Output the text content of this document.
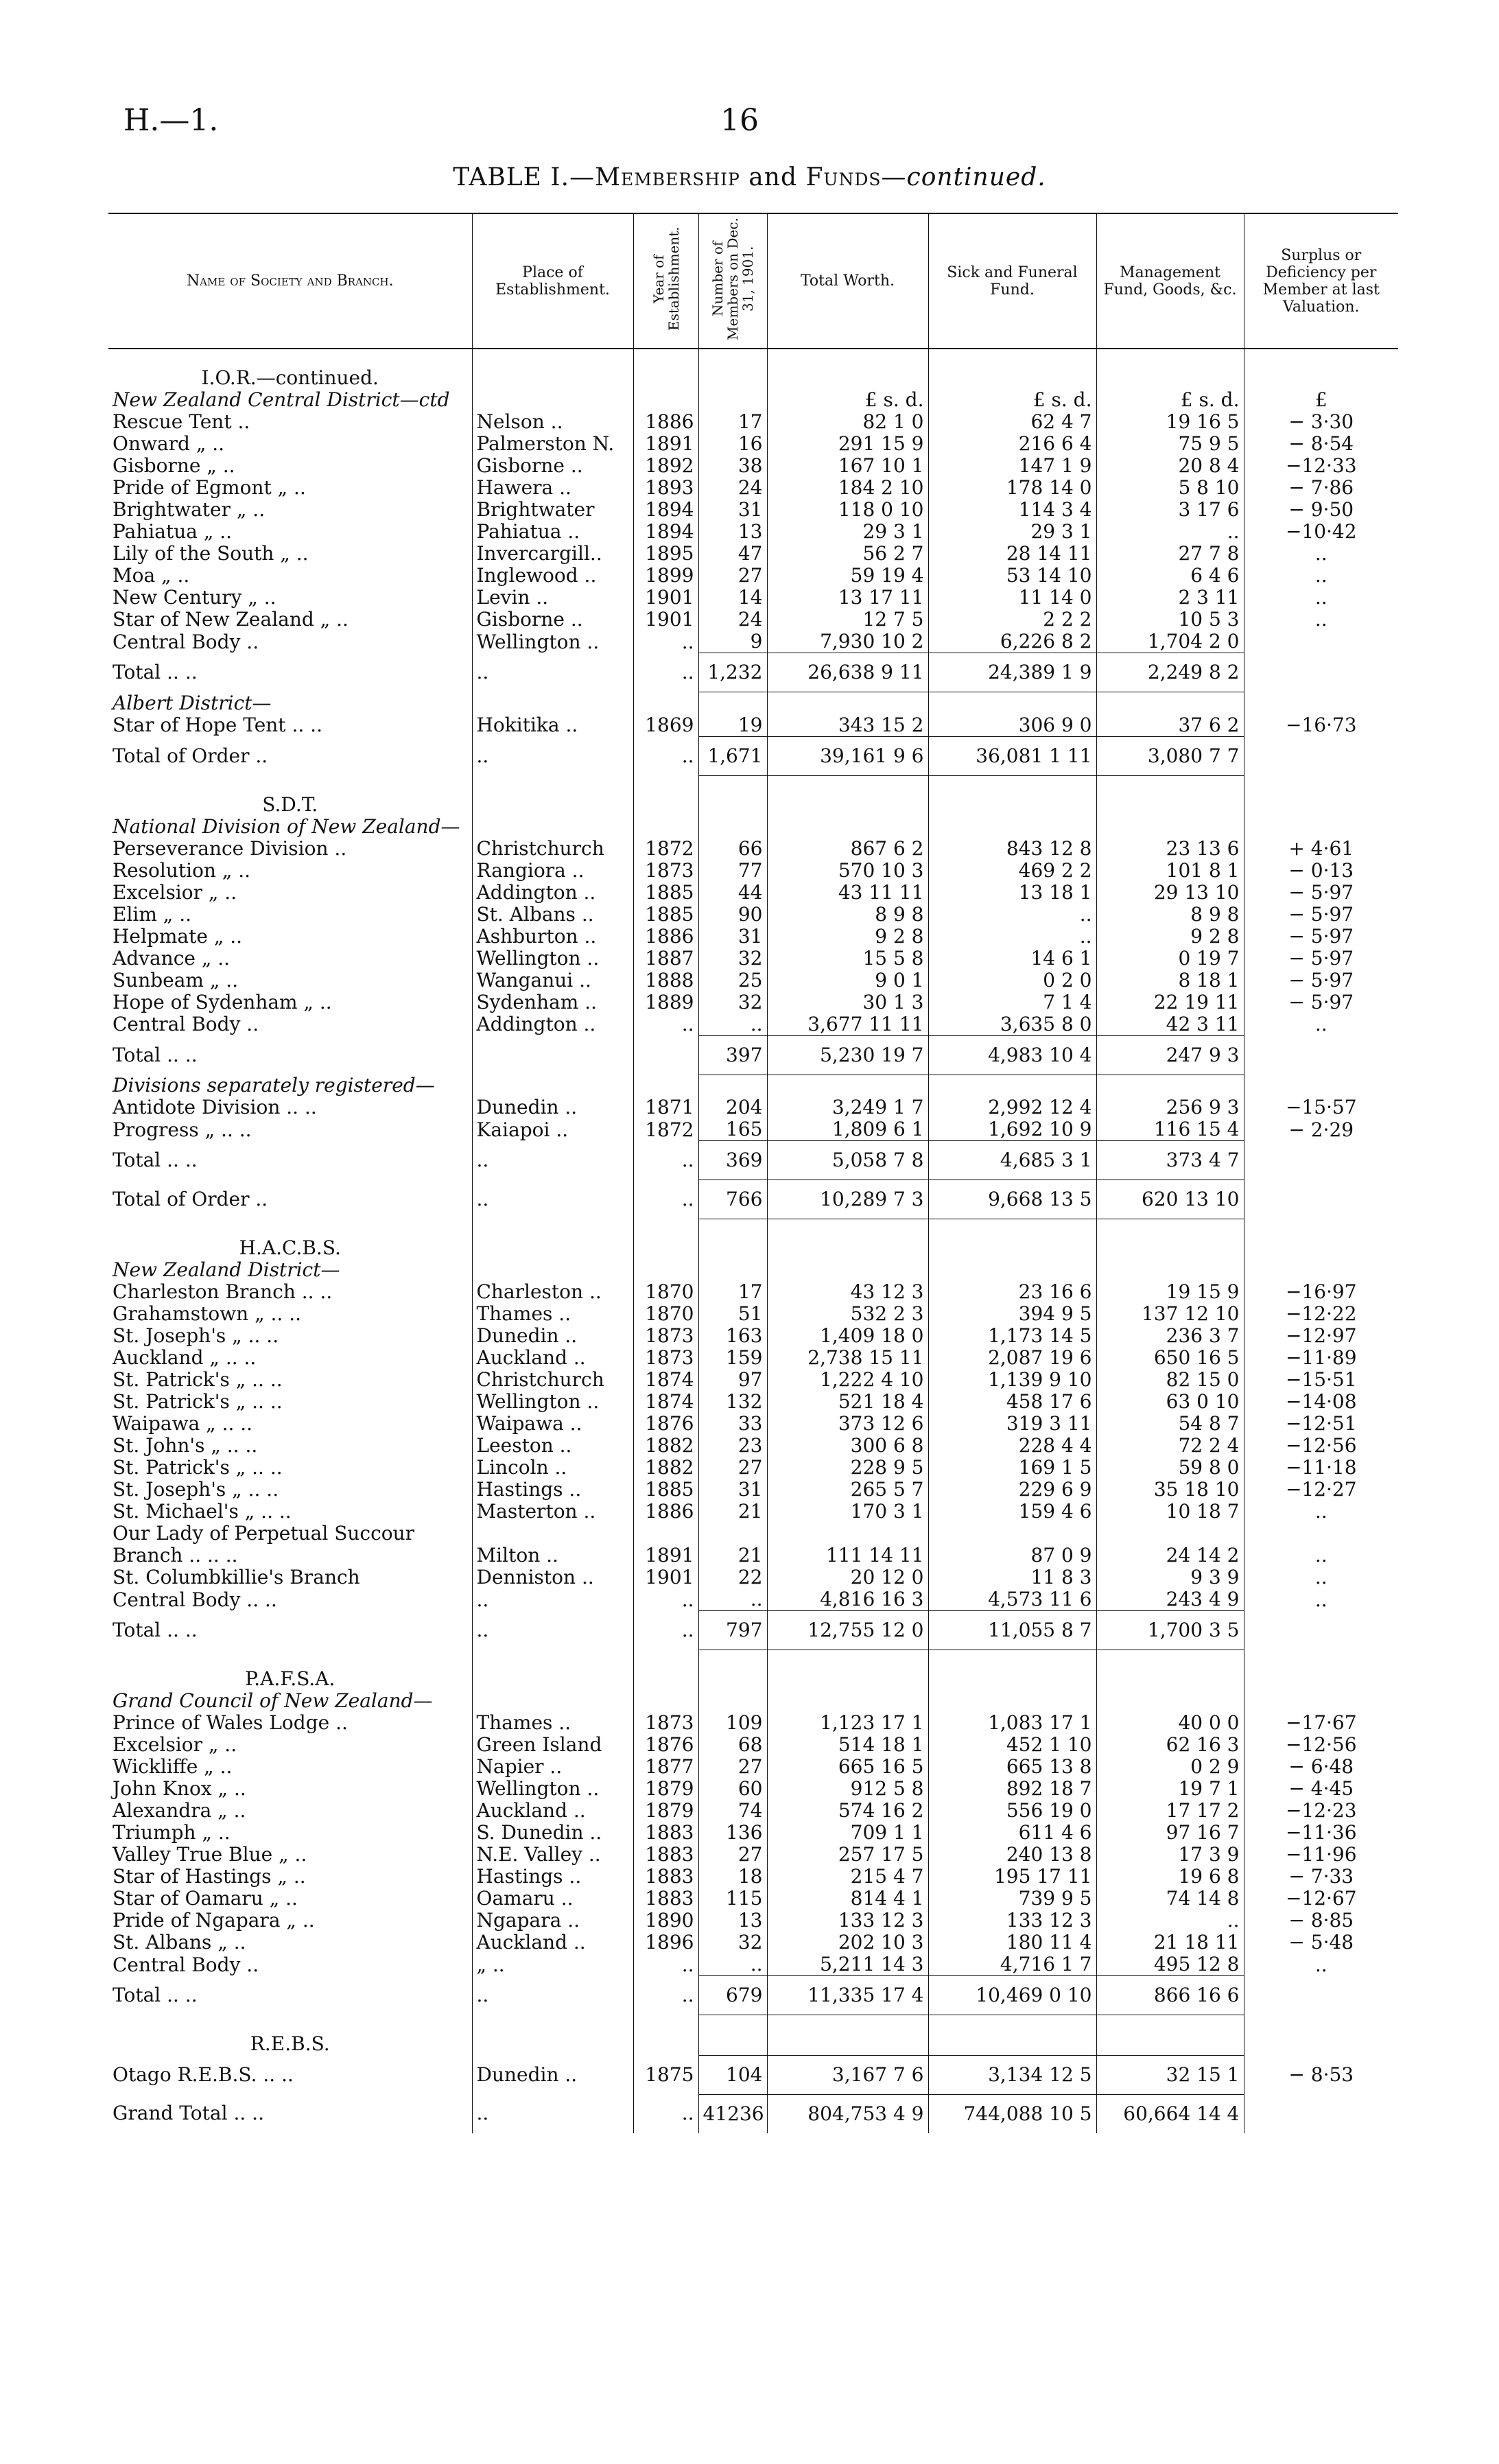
H.—1.	16
TABLE I.—Membership and Funds—continued.
Name of Society and Branch.	Place of Establishment.	Year of Establishment.	Number of Members on Dec. 31, 1901.	Total Worth.	Sick and Funeral Fund.	Management Fund, Goods, &c.	Surplus or Deficiency per Member at last Valuation.

I.O.R.—continued.							
New Zealand Central District—ctd				£ s. d.	£ s. d.	£ s. d.	£
Rescue Tent ..	Nelson ..	1886	17	82 1 0	62 4 7	19 16 5	− 3·30
Onward „ ..	Palmerston N.	1891	16	291 15 9	216 6 4	75 9 5	− 8·54
Gisborne „ ..	Gisborne ..	1892	38	167 10 1	147 1 9	20 8 4	−12·33
Pride of Egmont „ ..	Hawera ..	1893	24	184 2 10	178 14 0	5 8 10	− 7·86
Brightwater „ ..	Brightwater	1894	31	118 0 10	114 3 4	3 17 6	− 9·50
Pahiatua „ ..	Pahiatua ..	1894	13	29 3 1	29 3 1	..	−10·42
Lily of the South „ ..	Invercargill..	1895	47	56 2 7	28 14 11	27 7 8	..
Moa „ ..	Inglewood ..	1899	27	59 19 4	53 14 10	6 4 6	..
New Century „ ..	Levin ..	1901	14	13 17 11	11 14 0	2 3 11	..
Star of New Zealand „ ..	Gisborne ..	1901	24	12 7 5	2 2 2	10 5 3	..
Central Body ..	Wellington ..	..	9	7,930 10 2	6,226 8 2	1,704 2 0	
Total .. ..	..	..	1,232	26,638 9 11	24,389 1 9	2,249 8 2	
Albert District—							
Star of Hope Tent .. ..	Hokitika ..	1869	19	343 15 2	306 9 0	37 6 2	−16·73
Total of Order ..	..	..	1,671	39,161 9 6	36,081 1 11	3,080 7 7	

S.D.T.							
National Division of New Zealand—							
Perseverance Division ..	Christchurch	1872	66	867 6 2	843 12 8	23 13 6	+ 4·61
Resolution „ ..	Rangiora ..	1873	77	570 10 3	469 2 2	101 8 1	− 0·13
Excelsior „ ..	Addington ..	1885	44	43 11 11	13 18 1	29 13 10	− 5·97
Elim „ ..	St. Albans ..	1885	90	8 9 8	..	8 9 8	− 5·97
Helpmate „ ..	Ashburton ..	1886	31	9 2 8	..	9 2 8	− 5·97
Advance „ ..	Wellington ..	1887	32	15 5 8	14 6 1	0 19 7	− 5·97
Sunbeam „ ..	Wanganui ..	1888	25	9 0 1	0 2 0	8 18 1	− 5·97
Hope of Sydenham „ ..	Sydenham ..	1889	32	30 1 3	7 1 4	22 19 11	− 5·97
Central Body ..	Addington ..	..	..	3,677 11 11	3,635 8 0	42 3 11	..
Total .. ..			397	5,230 19 7	4,983 10 4	247 9 3	
Divisions separately registered—							
Antidote Division .. ..	Dunedin ..	1871	204	3,249 1 7	2,992 12 4	256 9 3	−15·57
Progress „ .. ..	Kaiapoi ..	1872	165	1,809 6 1	1,692 10 9	116 15 4	− 2·29
Total .. ..	..	..	369	5,058 7 8	4,685 3 1	373 4 7	
Total of Order ..	..	..	766	10,289 7 3	9,668 13 5	620 13 10	

H.A.C.B.S.							
New Zealand District—							
Charleston Branch .. ..	Charleston ..	1870	17	43 12 3	23 16 6	19 15 9	−16·97
Grahamstown „ .. ..	Thames ..	1870	51	532 2 3	394 9 5	137 12 10	−12·22
St. Joseph's „ .. ..	Dunedin ..	1873	163	1,409 18 0	1,173 14 5	236 3 7	−12·97
Auckland „ .. ..	Auckland ..	1873	159	2,738 15 11	2,087 19 6	650 16 5	−11·89
St. Patrick's „ .. ..	Christchurch	1874	97	1,222 4 10	1,139 9 10	82 15 0	−15·51
St. Patrick's „ .. ..	Wellington ..	1874	132	521 18 4	458 17 6	63 0 10	−14·08
Waipawa „ .. ..	Waipawa ..	1876	33	373 12 6	319 3 11	54 8 7	−12·51
St. John's „ .. ..	Leeston ..	1882	23	300 6 8	228 4 4	72 2 4	−12·56
St. Patrick's „ .. ..	Lincoln ..	1882	27	228 9 5	169 1 5	59 8 0	−11·18
St. Joseph's „ .. ..	Hastings ..	1885	31	265 5 7	229 6 9	35 18 10	−12·27
St. Michael's „ .. ..	Masterton ..	1886	21	170 3 1	159 4 6	10 18 7	..
Our Lady of Perpetual Succour							
Branch .. .. ..	Milton ..	1891	21	111 14 11	87 0 9	24 14 2	..
St. Columbkillie's Branch	Denniston ..	1901	22	20 12 0	11 8 3	9 3 9	..
Central Body .. ..	..	..	..	4,816 16 3	4,573 11 6	243 4 9	..
Total .. ..	..	..	797	12,755 12 0	11,055 8 7	1,700 3 5	

P.A.F.S.A.							
Grand Council of New Zealand—							
Prince of Wales Lodge ..	Thames ..	1873	109	1,123 17 1	1,083 17 1	40 0 0	−17·67
Excelsior „ ..	Green Island	1876	68	514 18 1	452 1 10	62 16 3	−12·56
Wickliffe „ ..	Napier ..	1877	27	665 16 5	665 13 8	0 2 9	− 6·48
John Knox „ ..	Wellington ..	1879	60	912 5 8	892 18 7	19 7 1	− 4·45
Alexandra „ ..	Auckland ..	1879	74	574 16 2	556 19 0	17 17 2	−12·23
Triumph „ ..	S. Dunedin ..	1883	136	709 1 1	611 4 6	97 16 7	−11·36
Valley True Blue „ ..	N.E. Valley ..	1883	27	257 17 5	240 13 8	17 3 9	−11·96
Star of Hastings „ ..	Hastings ..	1883	18	215 4 7	195 17 11	19 6 8	− 7·33
Star of Oamaru „ ..	Oamaru ..	1883	115	814 4 1	739 9 5	74 14 8	−12·67
Pride of Ngapara „ ..	Ngapara ..	1890	13	133 12 3	133 12 3	..	− 8·85
St. Albans „ ..	Auckland ..	1896	32	202 10 3	180 11 4	21 18 11	− 5·48
Central Body ..	„ ..	..	..	5,211 14 3	4,716 1 7	495 12 8	..
Total .. ..	..	..	679	11,335 17 4	10,469 0 10	866 16 6	

R.E.B.S.							
Otago R.E.B.S. .. ..	Dunedin ..	1875	104	3,167 7 6	3,134 12 5	32 15 1	− 8·53
Grand Total .. ..	..	..	41236	804,753 4 9	744,088 10 5	60,664 14 4	
